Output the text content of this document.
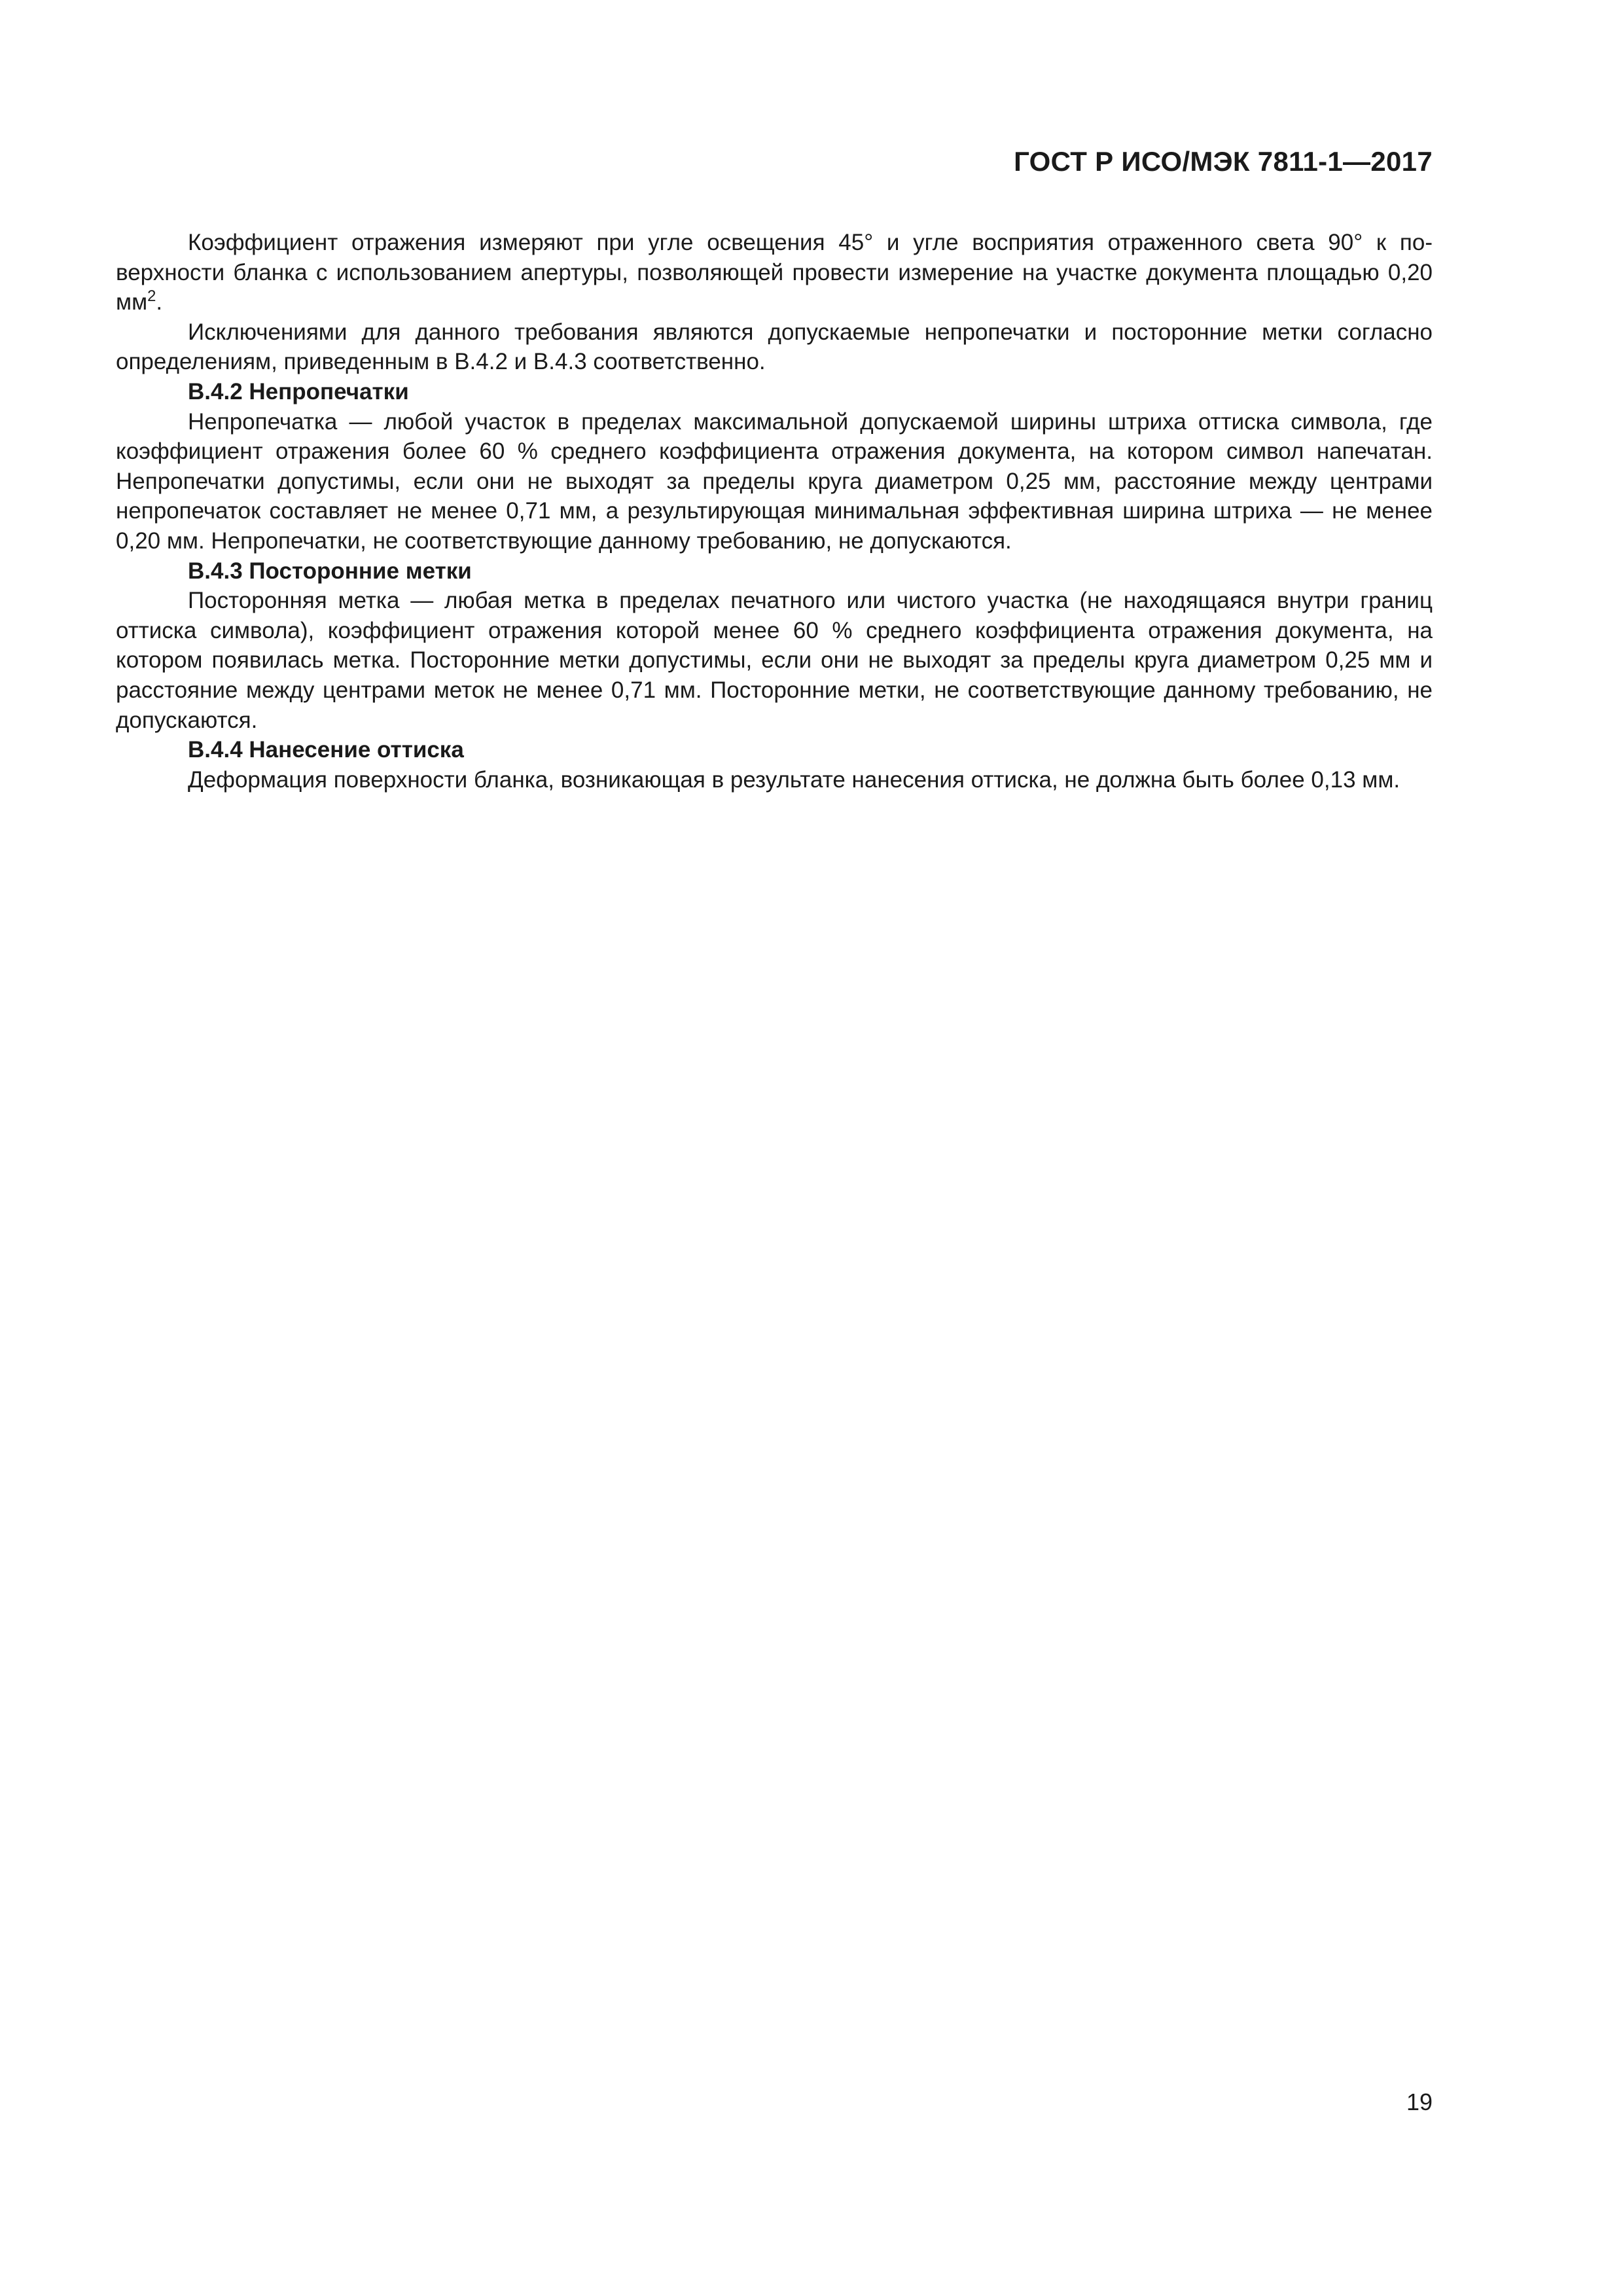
ГОСТ Р ИСО/МЭК 7811-1—2017

Коэффициент отражения измеряют при угле освещения 45° и угле восприятия отраженного света 90° к поверхности бланка с использованием апертуры, позволяющей провести измерение на участке документа площадью 0,20 $мм^2$.

Исключениями для данного требования являются допускаемые непропечатки и посторонние метки согласно определениям, приведенным в В.4.2 и В.4.3 соответственно.

В.4.2 Непропечатки

Непропечатка — любой участок в пределах максимальной допускаемой ширины штриха оттиска символа, где коэффициент отражения более 60 % среднего коэффициента отражения документа, на котором символ напечатан. Непропечатки допустимы, если они не выходят за пределы круга диаметром 0,25 мм, расстояние между центрами непропечаток составляет не менее 0,71 мм, а результирующая минимальная эффективная ширина штриха — не менее 0,20 мм. Непропечатки, не соответствующие данному требованию, не допускаются.

В.4.3 Посторонние метки

Посторонняя метка — любая метка в пределах печатного или чистого участка (не находящаяся внутри границ оттиска символа), коэффициент отражения которой менее 60 % среднего коэффициента отражения документа, на котором появилась метка. Посторонние метки допустимы, если они не выходят за пределы круга диаметром 0,25 мм и расстояние между центрами меток не менее 0,71 мм. Посторонние метки, не соответствующие данному требованию, не допускаются.

В.4.4 Нанесение оттиска

Деформация поверхности бланка, возникающая в результате нанесения оттиска, не должна быть более 0,13 мм.

19
